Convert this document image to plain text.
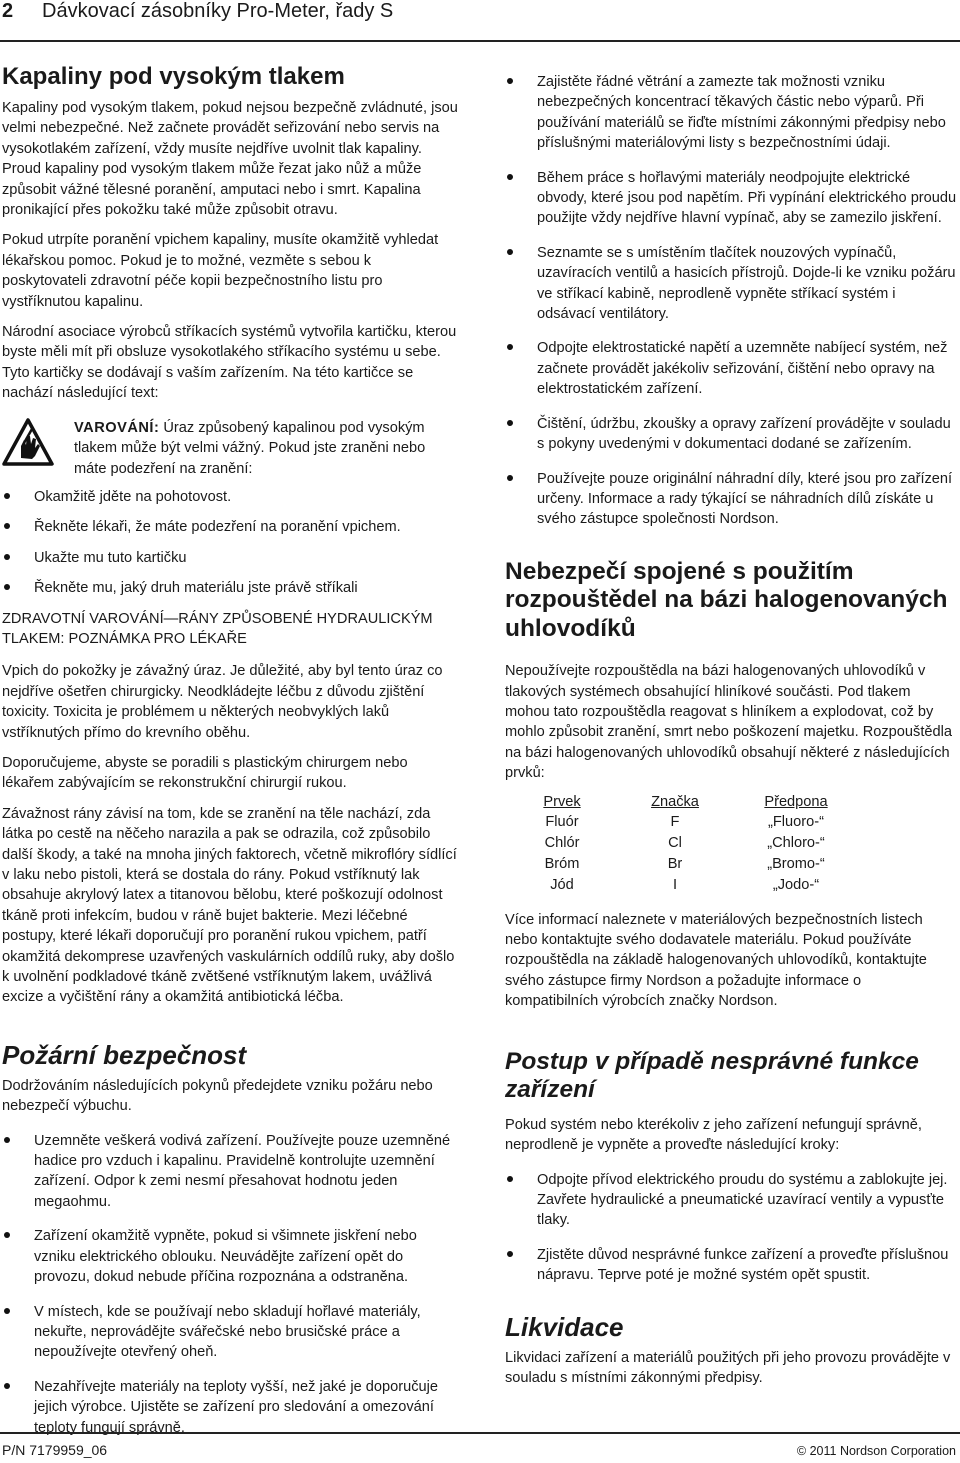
2 Dávkovací zásobníky Pro-Meter, řady S
Kapaliny pod vysokým tlakem

Kapaliny pod vysokým tlakem, pokud nejsou bezpečně zvládnuté, jsou velmi nebezpečné. Než začnete provádět seřizování nebo servis na vysokotlakém zařízení, vždy musíte nejdříve uvolnit tlak kapaliny. Proud kapaliny pod vysokým tlakem může řezat jako nůž a může způsobit vážné tělesné poranění, amputaci nebo i smrt. Kapalina pronikající přes pokožku také může způsobit otravu.

Pokud utrpíte poranění vpichem kapaliny, musíte okamžitě vyhledat lékařskou pomoc. Pokud je to možné, vezměte s sebou k poskytovateli zdravotní péče kopii bezpečnostního listu pro vystříknutou kapalinu.

Národní asociace výrobců stříkacích systémů vytvořila kartičku, kterou byste měli mít při obsluze vysokotlakého stříkacího systému u sebe. Tyto kartičky se dodávají s vaším zařízením. Na této kartičce se nachází následující text:

VAROVÁNÍ: Úraz způsobený kapalinou pod vysokým tlakem může být velmi vážný. Pokud jste zraněni nebo máte podezření na zranění:
Okamžitě jděte na pohotovost.
Řekněte lékaři, že máte podezření na poranění vpichem.
Ukažte mu tuto kartičku
Řekněte mu, jaký druh materiálu jste právě stříkali
ZDRAVOTNÍ VAROVÁNÍ—RÁNY ZPŮSOBENÉ HYDRAULICKÝM TLAKEM: POZNÁMKA PRO LÉKAŘE

Vpich do pokožky je závažný úraz. Je důležité, aby byl tento úraz co nejdříve ošetřen chirurgicky. Neodkládejte léčbu z důvodu zjištění toxicity. Toxicita je problémem u některých neobvyklých laků vstříknutých přímo do krevního oběhu.

Doporučujeme, abyste se poradili s plastickým chirurgem nebo lékařem zabývajícím se rekonstrukční chirurgií rukou.

Závažnost rány závisí na tom, kde se zranění na těle nachází, zda látka po cestě na něčeho narazila a pak se odrazila, což způsobilo další škody, a také na mnoha jiných faktorech, včetně mikroflóry sídlící v laku nebo pistoli, která se dostala do rány. Pokud vstříknutý lak obsahuje akrylový latex a titanovou bělobu, které poškozují odolnost tkáně proti infekcím, budou v ráně bujet bakterie. Mezi léčebné postupy, které lékaři doporučují pro poranění rukou vpichem, patří okamžitá dekomprese uzavřených vaskulárních oddílů ruky, aby došlo k uvolnění podkladové tkáně zvětšené vstříknutým lakem, uvážlivá excize a vyčištění rány a okamžitá antibiotická léčba.

Požární bezpečnost

Dodržováním následujících pokynů předejdete vzniku požáru nebo nebezpečí výbuchu.

Uzemněte veškerá vodivá zařízení. Používejte pouze uzemněné hadice pro vzduch i kapalinu. Pravidelně kontrolujte uzemnění zařízení. Odpor k zemi nesmí přesahovat hodnotu jeden megaohmu.
Zařízení okamžitě vypněte, pokud si všimnete jiskření nebo vzniku elektrického oblouku. Neuvádějte zařízení opět do provozu, dokud nebude příčina rozpoznána a odstraněna.
V místech, kde se používají nebo skladují hořlavé materiály, nekuřte, neprovádějte svářečské nebo brusičské práce a nepoužívejte otevřený oheň.
Nezahřívejte materiály na teploty vyšší, než jaké je doporučuje jejich výrobce. Ujistěte se zařízení pro sledování a omezování teploty fungují správně.
Zajistěte řádné větrání a zamezte tak možnosti vzniku nebezpečných koncentrací těkavých částic nebo výparů. Při používání materiálů se řiďte místními zákonnými předpisy nebo příslušnými materiálovými listy s bezpečnostními údaji.
Během práce s hořlavými materiály neodpojujte elektrické obvody, které jsou pod napětím. Při vypínání elektrického proudu použijte vždy nejdříve hlavní vypínač, aby se zamezilo jiskření.
Seznamte se s umístěním tlačítek nouzových vypínačů, uzavíracích ventilů a hasicích přístrojů. Dojde-li ke vzniku požáru ve stříkací kabině, neprodleně vypněte stříkací systém i odsávací ventilátory.
Odpojte elektrostatické napětí a uzemněte nabíjecí systém, než začnete provádět jakékoliv seřizování, čištění nebo opravy na elektrostatickém zařízení.
Čištění, údržbu, zkoušky a opravy zařízení provádějte v souladu s pokyny uvedenými v dokumentaci dodané se zařízením.
Používejte pouze originální náhradní díly, které jsou pro zařízení určeny. Informace a rady týkající se náhradních dílů získáte u svého zástupce společnosti Nordson.
Nebezpečí spojené s použitím rozpouštědel na bázi halogenovaných uhlovodíků

Nepoužívejte rozpouštědla na bázi halogenovaných uhlovodíků v tlakových systémech obsahující hliníkové součásti. Pod tlakem mohou tato rozpouštědla reagovat s hliníkem a explodovat, což by mohlo způsobit zranění, smrt nebo poškození majetku. Rozpouštědla na bázi halogenovaných uhlovodíků obsahují některé z následujících prvků:

Prvek	Značka	Předpona
Fluór	F	„Fluoro-“
Chlór	Cl	„Chloro-“
Bróm	Br	„Bromo-“
Jód	I	„Jodo-“

Více informací naleznete v materiálových bezpečnostních listech nebo kontaktujte svého dodavatele materiálu. Pokud používáte rozpouštědla na základě halogenovaných uhlovodíků, kontaktujte svého zástupce firmy Nordson a požadujte informace o kompatibilních výrobcích značky Nordson.

Postup v případě nesprávné funkce zařízení

Pokud systém nebo kterékoliv z jeho zařízení nefungují správně, neprodleně je vypněte a proveďte následující kroky:

Odpojte přívod elektrického proudu do systému a zablokujte jej. Zavřete hydraulické a pneumatické uzavírací ventily a vypusťte tlaky.
Zjistěte důvod nesprávné funkce zařízení a proveďte příslušnou nápravu. Teprve poté je možné systém opět spustit.
Likvidace

Likvidaci zařízení a materiálů použitých při jeho provozu provádějte v souladu s místními zákonnými předpisy.

P/N 7179959_06	© 2011 Nordson Corporation
